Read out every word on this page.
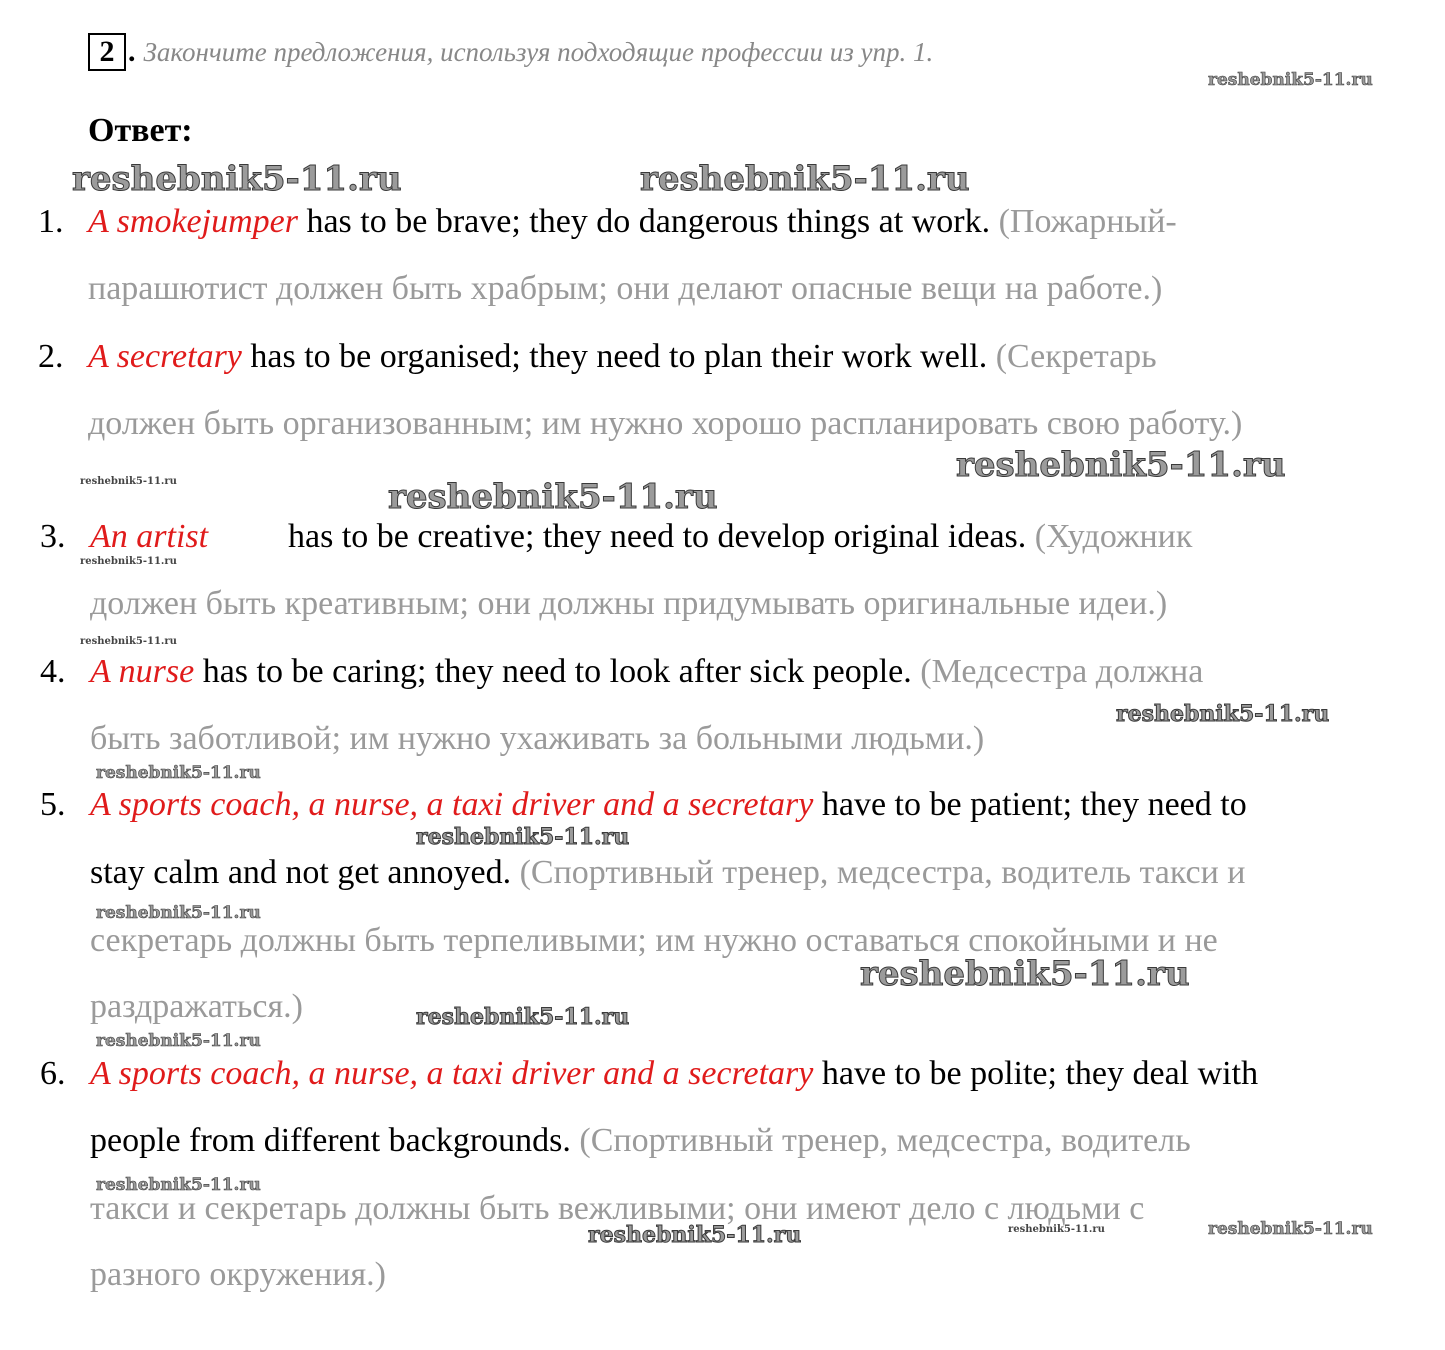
2 . Закончите предложения, используя подходящие профессии из упр. 1.
Ответ:
1. A smokejumper has to be brave; they do dangerous things at work. (Пожарный-
парашютист должен быть храбрым; они делают опасные вещи на работе.)
2. A secretary has to be organised; they need to plan their work well. (Секретарь
должен быть организованным; им нужно хорошо распланировать свою работу.)
3. An artist has to be creative; they need to develop original ideas. (Художник
должен быть креативным; они должны придумывать оригинальные идеи.)
4. A nurse has to be caring; they need to look after sick people. (Медсестра должна
быть заботливой; им нужно ухаживать за больными людьми.)
5. A sports coach, a nurse, a taxi driver and a secretary have to be patient; they need to
stay calm and not get annoyed. (Спортивный тренер, медсестра, водитель такси и
секретарь должны быть терпеливыми; им нужно оставаться спокойными и не
раздражаться.)
6. A sports coach, a nurse, a taxi driver and a secretary have to be polite; they deal with
people from different backgrounds. (Спортивный тренер, медсестра, водитель
такси и секретарь должны быть вежливыми; они имеют дело с людьми с
разного окружения.)
reshebnik5-11.ru
reshebnik5-11.ru	reshebnik5-11.ru
reshebnik5-11.ru
reshebnik5-11.ru	reshebnik5-11.ru
reshebnik5-11.ru
reshebnik5-11.ru
reshebnik5-11.ru
reshebnik5-11.ru
reshebnik5-11.ru
reshebnik5-11.ru
reshebnik5-11.ru
reshebnik5-11.ru
reshebnik5-11.ru
reshebnik5-11.ru
reshebnik5-11.ru	reshebnik5-11.ru	reshebnik5-11.ru
